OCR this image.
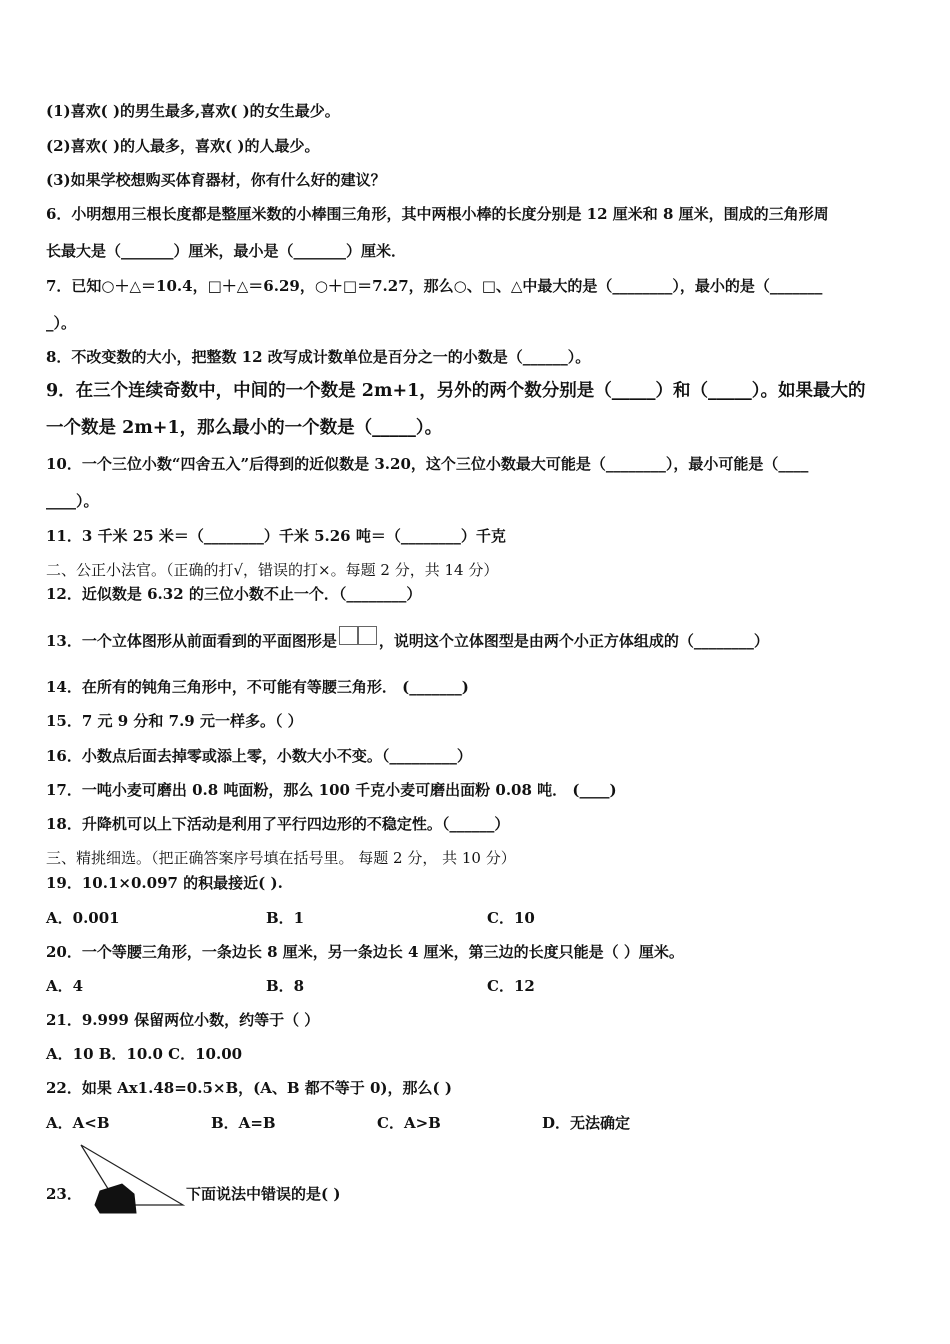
(1)喜欢( )的男生最多,喜欢( )的女生最少。
(2)喜欢( )的人最多，喜欢( )的人最少。
(3)如果学校想购买体育器材，你有什么好的建议？
6．小明想用三根长度都是整厘米数的小棒围三角形，其中两根小棒的长度分别是 12 厘米和 8 厘米，围成的三角形周
长最大是（_______）厘米，最小是（_______）厘米．
7．已知○＋△＝10.4，□＋△＝6.29，○＋□＝7.27，那么○、□、△中最大的是（________），最小的是（_______
_）。
8．不改变数的大小，把整数 12 改写成计数单位是百分之一的小数是（______）。
9．在三个连续奇数中，中间的一个数是 2m+1，另外的两个数分别是（_____）和（_____）。如果最大的
一个数是 2m+1，那么最小的一个数是（_____）。
10．一个三位小数“四舍五入”后得到的近似数是 3.20，这个三位小数最大可能是（________），最小可能是（____
____）。
11．3 千米 25 米＝（________）千米 5.26 吨＝（________）千克
二、公正小法官。（正确的打√，错误的打×。每题 2 分，共 14 分）
12．近似数是 6.32 的三位小数不止一个．（________）
13．一个立体图形从前面看到的平面图形是	，说明这个立体图型是由两个小正方体组成的（________）
14．在所有的钝角三角形中，不可能有等腰三角形． (_______)
15．7 元 9 分和 7.9 元一样多。（ ）
16．小数点后面去掉零或添上零，小数大小不变。（_________）
17．一吨小麦可磨出 0.8 吨面粉，那么 100 千克小麦可磨出面粉 0.08 吨． (____)
18．升降机可以上下活动是利用了平行四边形的不稳定性。（______）
三、精挑细选。（把正确答案序号填在括号里。 每题 2 分， 共 10 分）
19．10.1×0.097 的积最接近( ).
A．0.001	B．1	C．10
20．一个等腰三角形，一条边长 8 厘米，另一条边长 4 厘米，第三边的长度只能是（ ）厘米。
A．4	B．8	C．12
21．9.999 保留两位小数，约等于（ ）
A．10 B．10.0 C．10.00
22．如果 Ax1.48=0.5×B，(A、B 都不等于 0)，那么( )
A．A<B	B．A=B	C．A>B	D．无法确定
23．	下面说法中错误的是( )
